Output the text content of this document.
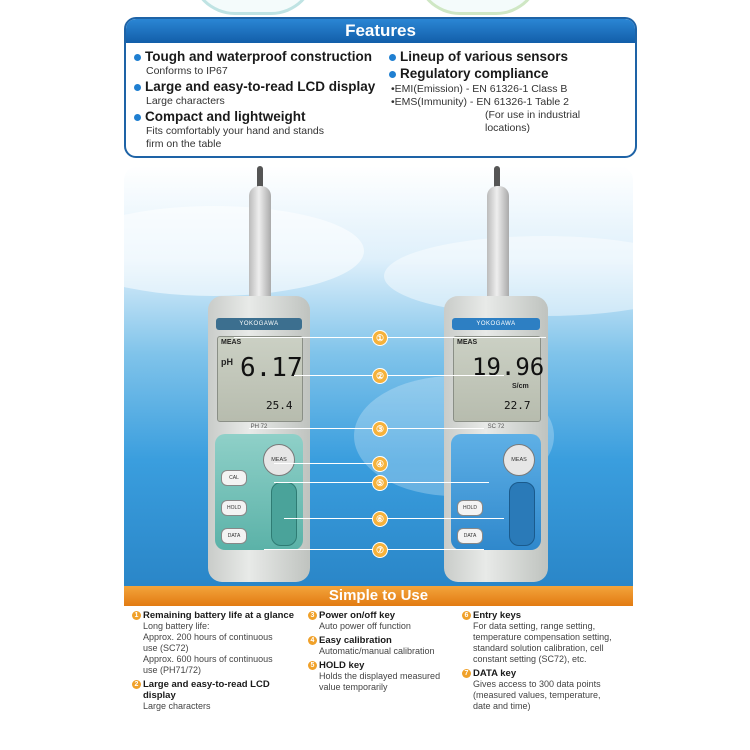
Features
Tough and waterproof construction
Conforms to IP67
Large and easy-to-read LCD display
Large characters
Compact and lightweight
Fits comfortably your hand and stands
firm on the table
Lineup of various sensors
Regulatory compliance
•EMI(Emission) - EN 61326-1 Class B
•EMS(Immunity) - EN 61326-1 Table 2
(For use in industrial
locations)
YOKOGAWA
MEAS
pH 6.17
25.4
PH 72
MEAS
CAL
HOLD
DATA
YOKOGAWA
MEAS
19.96
S/cm
22.7
SC 72
MEAS
HOLD
DATA
①
②
③
④
⑤
⑥
⑦
Simple to Use
1 Remaining battery life at a glance
Long battery life:
Approx. 200 hours of continuous
use (SC72)
Approx. 600 hours of continuous
use (PH71/72)
2 Large and easy-to-read LCD
display
Large characters
3 Power on/off key
Auto power off function
4 Easy calibration
Automatic/manual calibration
5 HOLD key
Holds the displayed measured
value temporarily
6 Entry keys
For data setting, range setting,
temperature compensation setting,
standard solution calibration, cell
constant setting (SC72), etc.
7 DATA key
Gives access to 300 data points
(measured values, temperature,
date and time)
